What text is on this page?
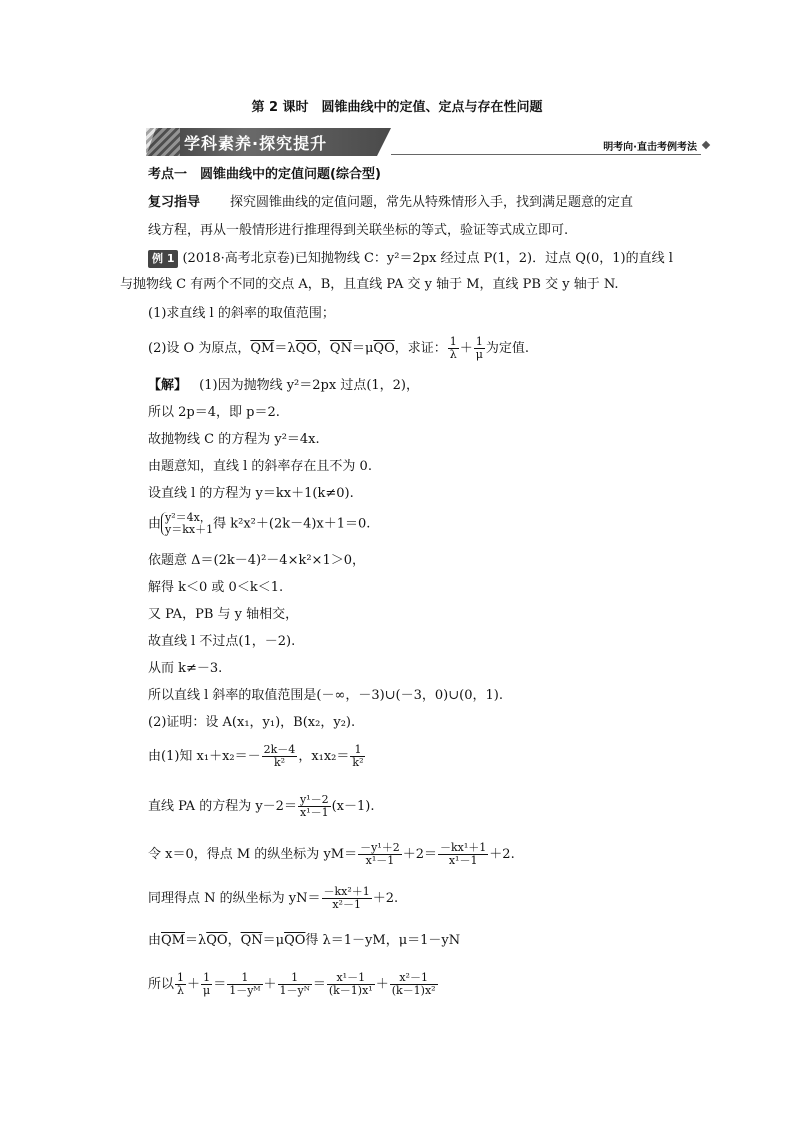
第 2 课时　圆锥曲线中的定值、定点与存在性问题
学科素养·探究提升	明考向·直击考例考法
考点一　圆锥曲线中的定值问题(综合型)
复习指导 探究圆锥曲线的定值问题，常先从特殊情形入手，找到满足题意的定直
线方程，再从一般情形进行推理得到关联坐标的等式，验证等式成立即可.
例 1 (2018·高考北京卷)已知抛物线 C：y²＝2px 经过点 P(1，2)．过点 Q(0，1)的直线 l
与抛物线 C 有两个不同的交点 A，B，且直线 PA 交 y 轴于 M，直线 PB 交 y 轴于 N.
(1)求直线 l 的斜率的取值范围；
(2)设 O 为原点，$\overline{QM}=\lambda\overline{QO}$，$\overline{QN}=\mu\overline{QO}$，求证： $\frac{1}{\lambda} + \frac{1}{\mu}$ 为定值.
【解】 (1)因为抛物线 y²＝2px 过点(1，2)，
所以 2p＝4，即 p＝2.
故抛物线 C 的方程为 y²＝4x.
由题意知，直线 l 的斜率存在且不为 0.
设直线 l 的方程为 y＝kx＋1(k≠0).
由 y²＝4x，
y＝kx＋1 得 k²x²＋(2k－4)x＋1＝0.
依题意 Δ＝(2k－4)²－4×k²×1＞0，
解得 k＜0 或 0＜k＜1.
又 PA，PB 与 y 轴相交，
故直线 l 不过点(1，－2).
从而 k≠－3.
所以直线 l 斜率的取值范围是(－∞，－3)∪(－3，0)∪(0，1).
(2)证明：设 A(x₁，y₁)，B(x₂，y₂).
由(1)知 $x_1+x_2=- \frac{2k-4}{\text{k²}}$ ，$x_1x_2= \frac{1}{\text{k²}}$
直线 PA 的方程为 $y-2= \frac{\text{y¹－2}}{\text{x¹－1}} (x-1)$.
令 x＝0，得点 M 的纵坐标为 $yM= \frac{\text{－y¹＋2}}{\text{x¹－1}} +2= \frac{\text{－kx¹＋1}}{\text{x¹－1}} +2$.
同理得点 N 的纵坐标为 $yN= \frac{\text{－kx²＋1}}{\text{x²－1}} +2$.
由$\overline{QM}=\lambda\overline{QO}$，$\overline{QN}=\mu\overline{QO}$得 λ＝1－yM，μ＝1－yN
所以 $\frac{1}{\lambda} + \frac{1}{\mu} = \frac{1}{\text{1－yᴹ}} + \frac{1}{\text{1－yᴺ}} = \frac{\text{x¹－1}}{\text{(k－1)x¹}} + \frac{\text{x²－1}}{\text{(k－1)x²}}$
